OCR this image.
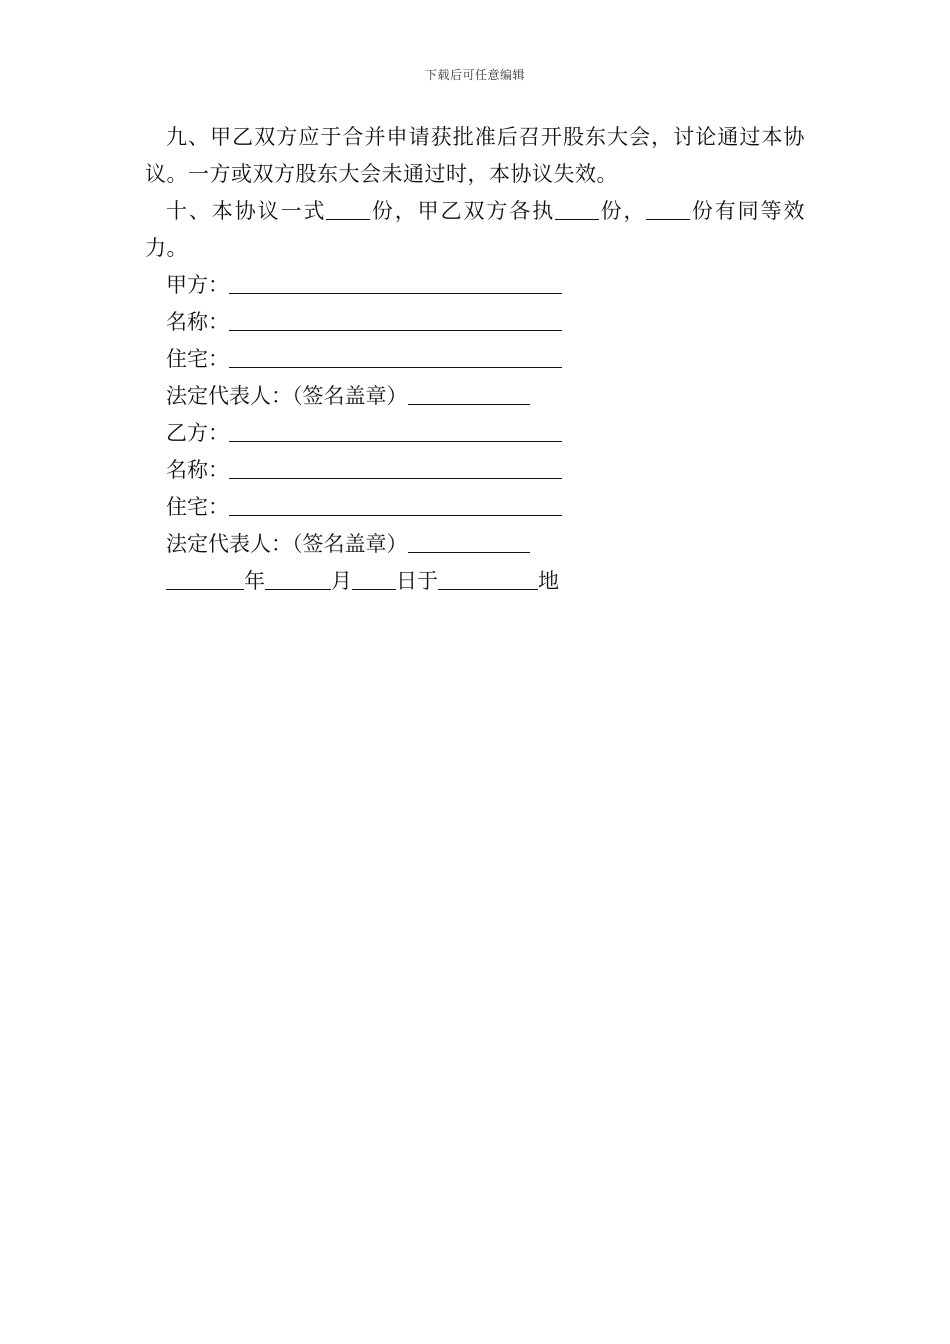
下载后可任意编辑

九、甲乙双方应于合并申请获批准后召开股东大会，讨论通过本协议。一方或双方股东大会未通过时，本协议失效。

十、本协议一式 份，甲乙双方各执 份， 份有同等效力。

甲方：

名称：

住宅：

法定代表人：（签名盖章）

乙方：

名称：

住宅：

法定代表人：（签名盖章）

年	月 日于	地
